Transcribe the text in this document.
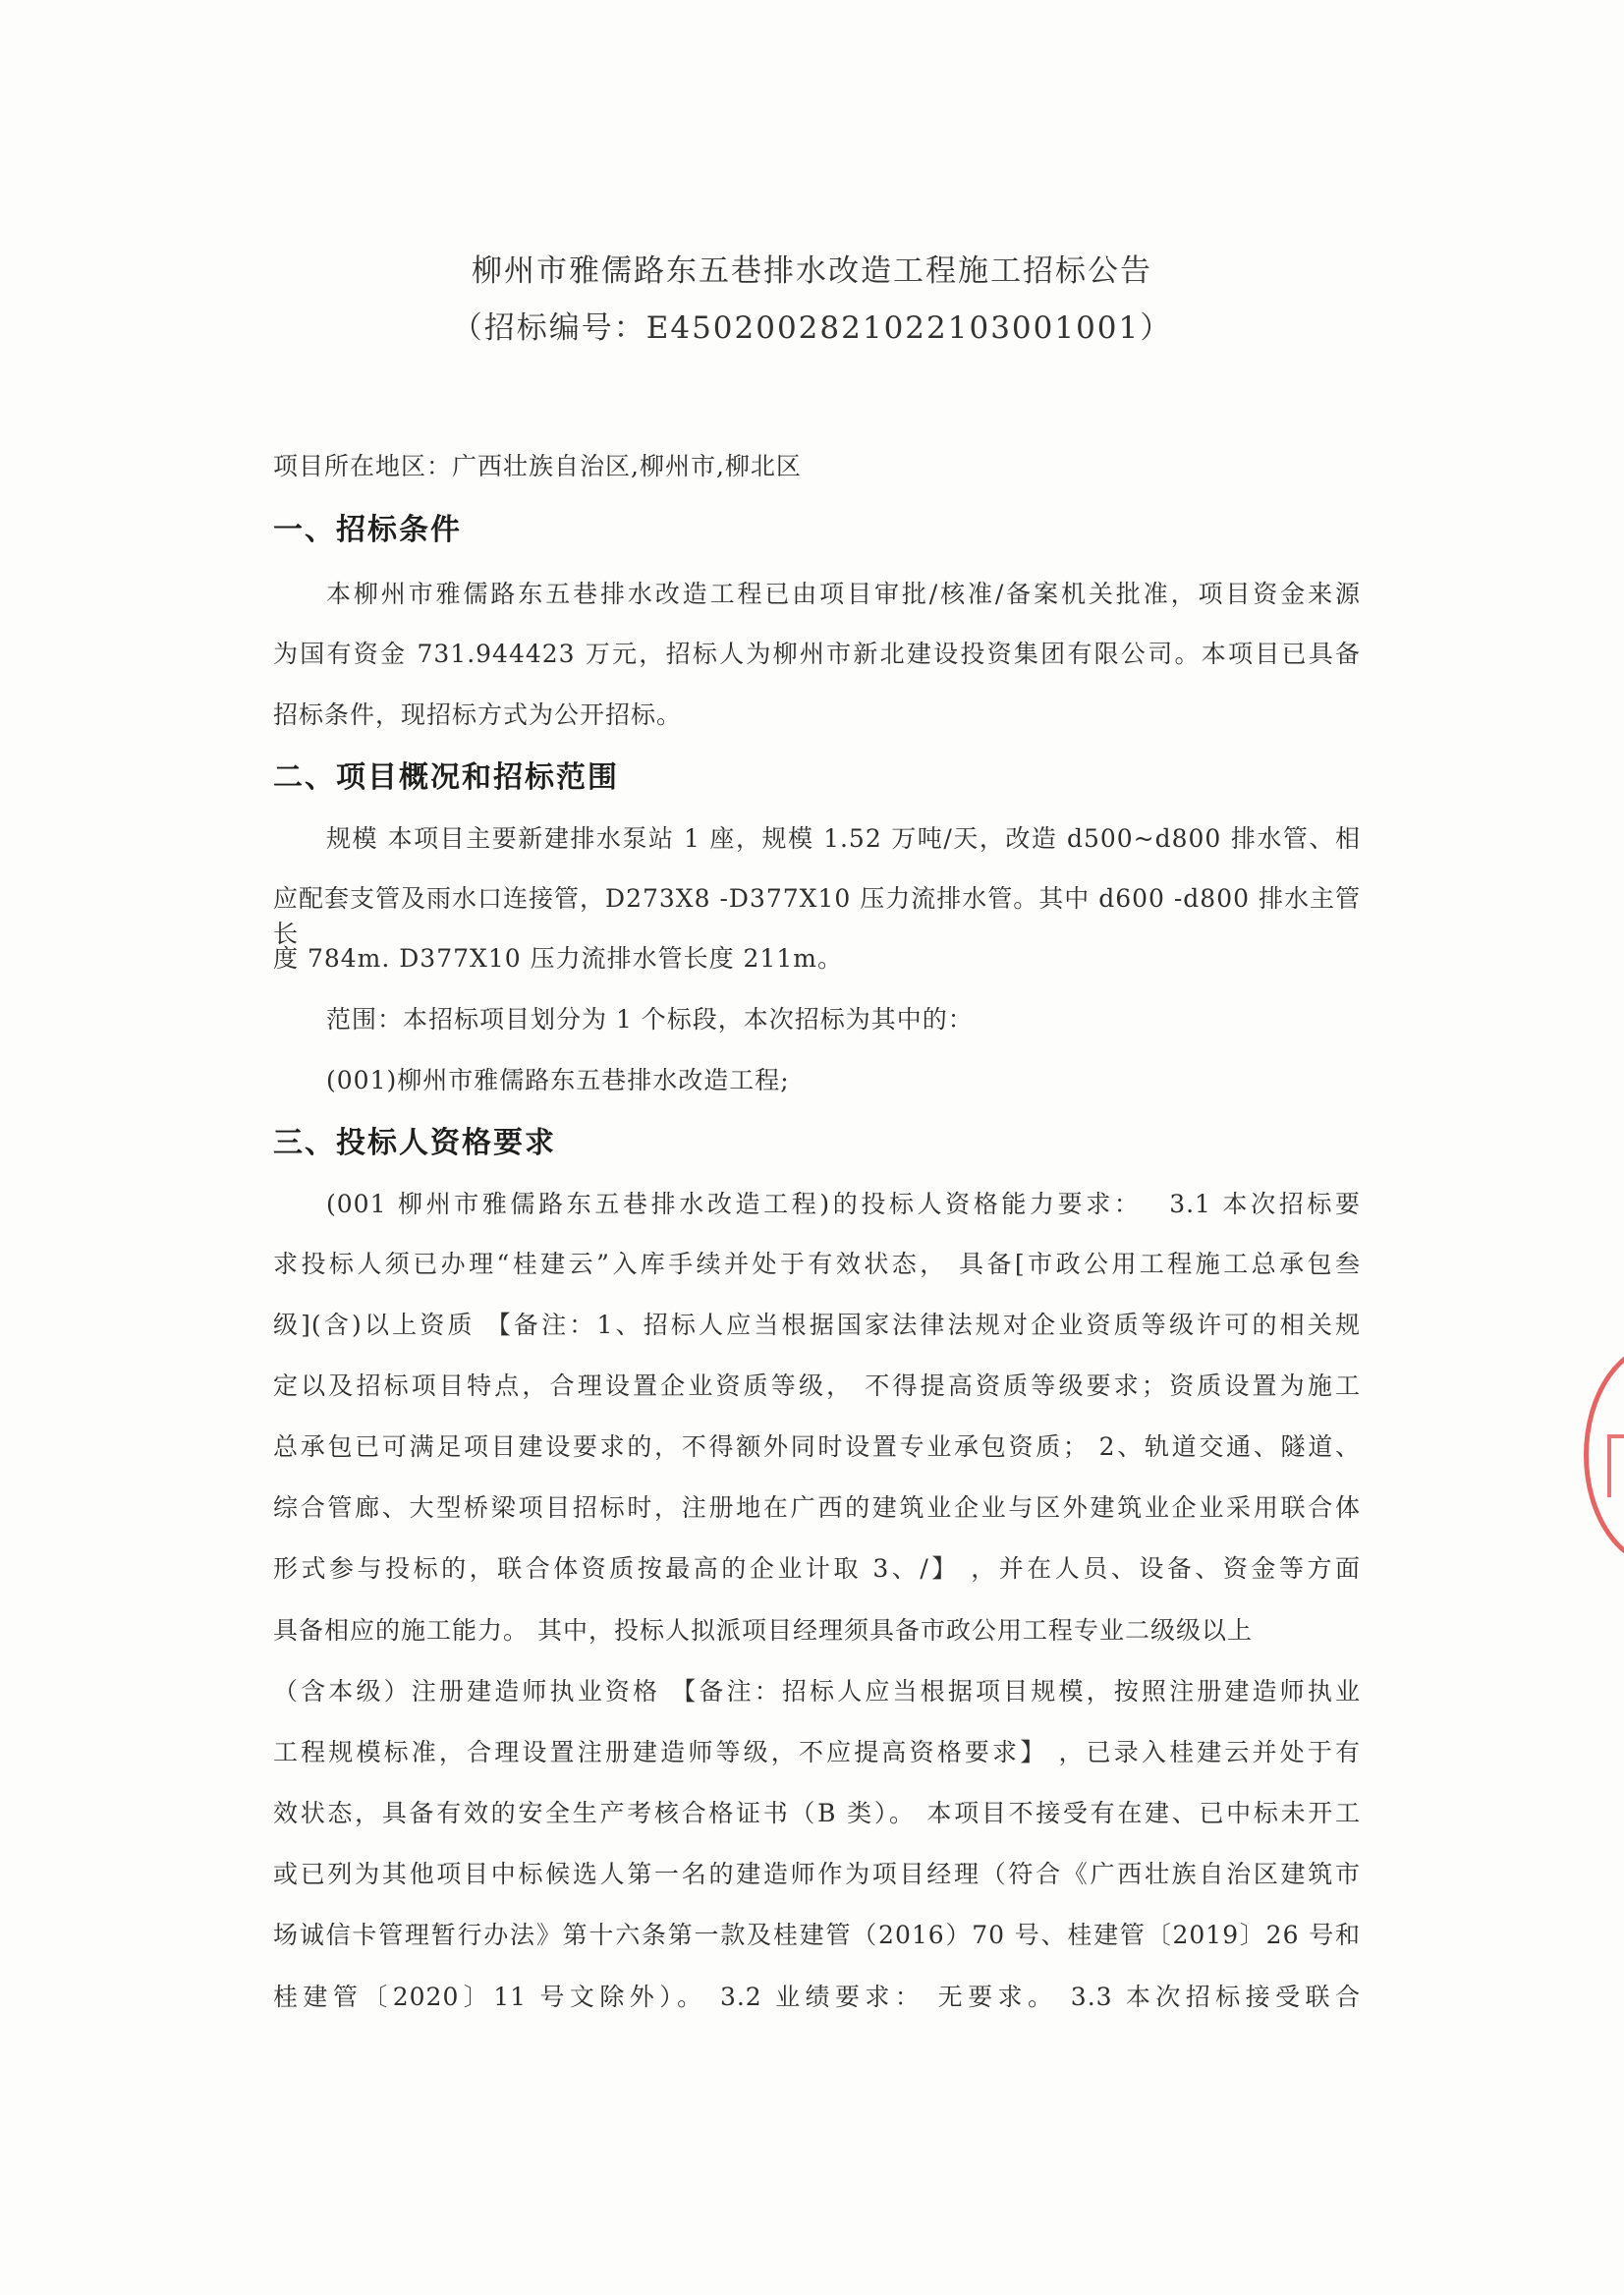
柳州市雅儒路东五巷排水改造工程施工招标公告
（招标编号：E4502002821022103001001）
项目所在地区：广西壮族自治区,柳州市,柳北区
一、招标条件
本柳州市雅儒路东五巷排水改造工程已由项目审批/核准/备案机关批准，项目资金来源
为国有资金 731.944423 万元，招标人为柳州市新北建设投资集团有限公司。本项目已具备
招标条件，现招标方式为公开招标。
二、项目概况和招标范围
规模 本项目主要新建排水泵站 1 座，规模 1.52 万吨/天，改造 d500~d800 排水管、相
应配套支管及雨水口连接管，D273X8 -D377X10 压力流排水管。其中 d600 -d800 排水主管长
度 784m. D377X10 压力流排水管长度 211m。
范围：本招标项目划分为 1 个标段，本次招标为其中的：
(001)柳州市雅儒路东五巷排水改造工程;
三、投标人资格要求
(001 柳州市雅儒路东五巷排水改造工程)的投标人资格能力要求：　 3.1 本次招标要
求投标人须已办理“桂建云”入库手续并处于有效状态， 具备[市政公用工程施工总承包叁
级](含)以上资质 【备注：1、招标人应当根据国家法律法规对企业资质等级许可的相关规
定以及招标项目特点，合理设置企业资质等级， 不得提高资质等级要求；资质设置为施工
总承包已可满足项目建设要求的，不得额外同时设置专业承包资质； 2、轨道交通、隧道、
综合管廊、大型桥梁项目招标时，注册地在广西的建筑业企业与区外建筑业企业采用联合体
形式参与投标的，联合体资质按最高的企业计取 3、/】 ，并在人员、设备、资金等方面
具备相应的施工能力。 其中，投标人拟派项目经理须具备市政公用工程专业二级级以上
（含本级）注册建造师执业资格 【备注：招标人应当根据项目规模，按照注册建造师执业
工程规模标准，合理设置注册建造师等级，不应提高资格要求】 ，已录入桂建云并处于有
效状态，具备有效的安全生产考核合格证书（B 类）。 本项目不接受有在建、已中标未开工
或已列为其他项目中标候选人第一名的建造师作为项目经理（符合《广西壮族自治区建筑市
场诚信卡管理暂行办法》第十六条第一款及桂建管（2016）70 号、桂建管〔2019〕26 号和
桂建管〔2020〕11 号文除外）。 3.2 业绩要求： 无要求。 3.3 本次招标接受联合
